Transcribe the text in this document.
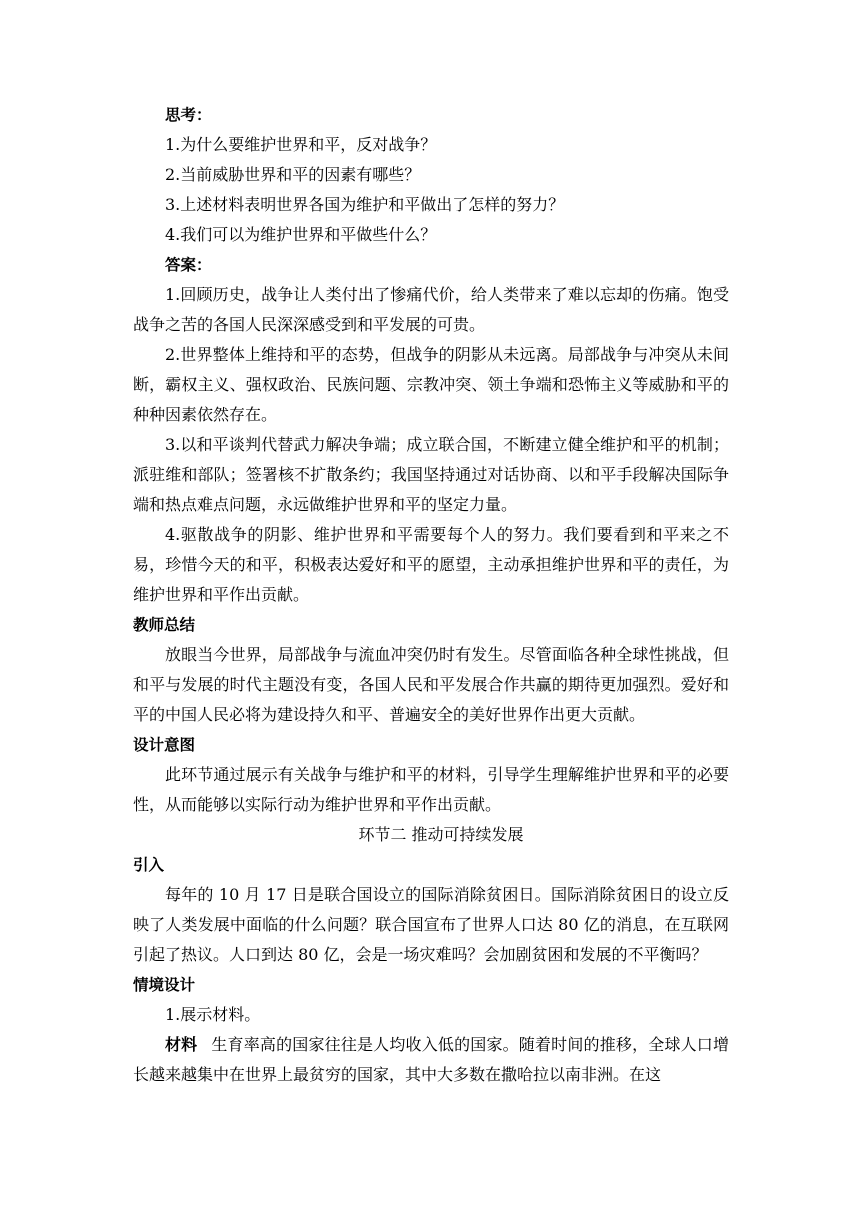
思考：

1.为什么要维护世界和平，反对战争？

2.当前威胁世界和平的因素有哪些？

3.上述材料表明世界各国为维护和平做出了怎样的努力？

4.我们可以为维护世界和平做些什么？

答案：

1.回顾历史，战争让人类付出了惨痛代价，给人类带来了难以忘却的伤痛。饱受战争之苦的各国人民深深感受到和平发展的可贵。

2.世界整体上维持和平的态势，但战争的阴影从未远离。局部战争与冲突从未间断，霸权主义、强权政治、民族问题、宗教冲突、领土争端和恐怖主义等威胁和平的种种因素依然存在。

3.以和平谈判代替武力解决争端；成立联合国，不断建立健全维护和平的机制；派驻维和部队；签署核不扩散条约；我国坚持通过对话协商、以和平手段解决国际争端和热点难点问题，永远做维护世界和平的坚定力量。

4.驱散战争的阴影、维护世界和平需要每个人的努力。我们要看到和平来之不易，珍惜今天的和平，积极表达爱好和平的愿望，主动承担维护世界和平的责任，为维护世界和平作出贡献。

教师总结

放眼当今世界，局部战争与流血冲突仍时有发生。尽管面临各种全球性挑战，但和平与发展的时代主题没有变，各国人民和平发展合作共赢的期待更加强烈。爱好和平的中国人民必将为建设持久和平、普遍安全的美好世界作出更大贡献。

设计意图

此环节通过展示有关战争与维护和平的材料，引导学生理解维护世界和平的必要性，从而能够以实际行动为维护世界和平作出贡献。

环节二 推动可持续发展

引入

每年的 10 月 17 日是联合国设立的国际消除贫困日。国际消除贫困日的设立反映了人类发展中面临的什么问题？联合国宣布了世界人口达 80 亿的消息，在互联网引起了热议。人口到达 80 亿，会是一场灾难吗？会加剧贫困和发展的不平衡吗？

情境设计

1.展示材料。

材料 生育率高的国家往往是人均收入低的国家。随着时间的推移，全球人口增长越来越集中在世界上最贫穷的国家，其中大多数在撒哈拉以南非洲。在这
